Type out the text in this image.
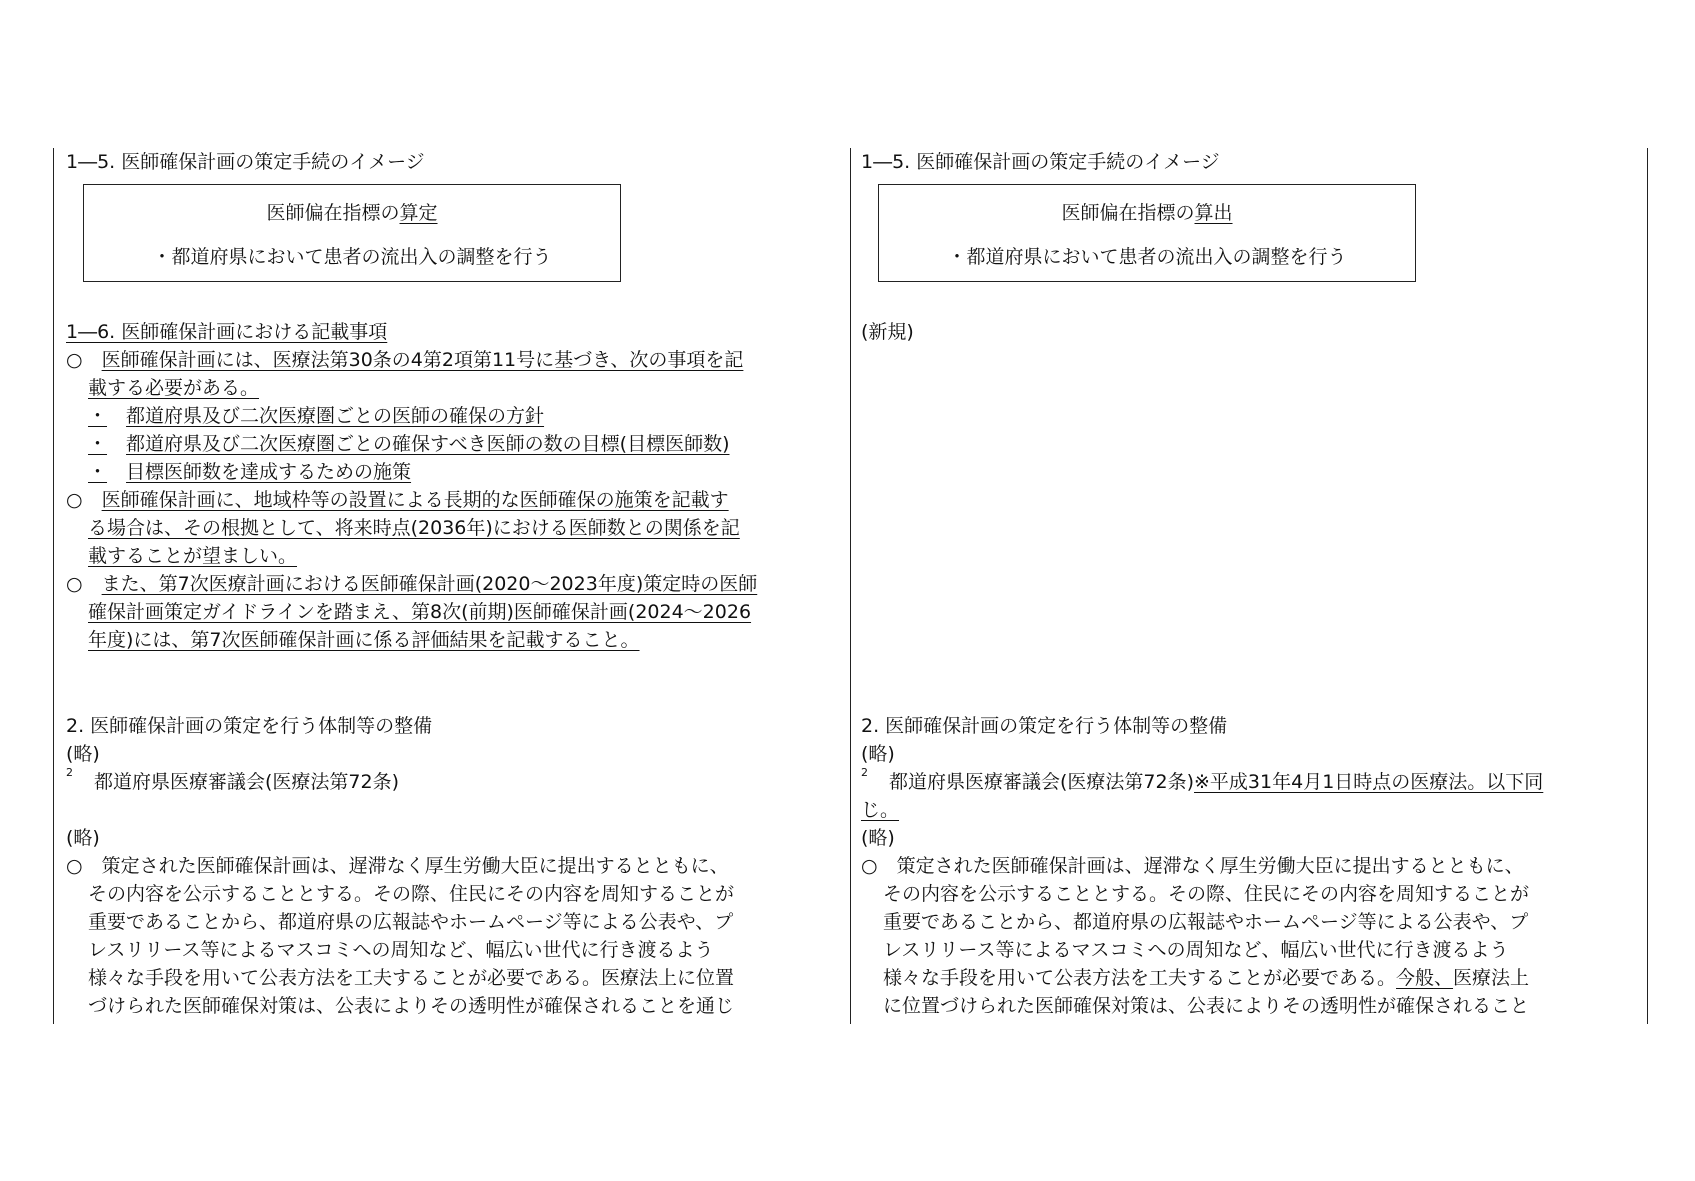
1―5. 医師確保計画の策定手続のイメージ
医師偏在指標の算定
・都道府県において患者の流出入の調整を行う
1―6. 医師確保計画における記載事項
○　 医師確保計画には、医療法第30条の4第2項第11号に基づき、次の事項を記
載する必要がある。
・　 都道府県及び二次医療圏ごとの医師の確保の方針
・　 都道府県及び二次医療圏ごとの確保すべき医師の数の目標(目標医師数)
・　 目標医師数を達成するための施策
○　 医師確保計画に、地域枠等の設置による長期的な医師確保の施策を記載す
る場合は、その根拠として、将来時点(2036年)における医師数との関係を記
載することが望ましい。
○　 また、第7次医療計画における医師確保計画(2020～2023年度)策定時の医師
確保計画策定ガイドラインを踏まえ、第8次(前期)医師確保計画(2024～2026
年度)には、第7次医師確保計画に係る評価結果を記載すること。
2. 医師確保計画の策定を行う体制等の整備
(略)
2 都道府県医療審議会(医療法第72条)
(略)
○　 策定された医師確保計画は、遅滞なく厚生労働大臣に提出するとともに、
その内容を公示することとする。その際、住民にその内容を周知することが
重要であることから、都道府県の広報誌やホームページ等による公表や、プ
レスリリース等によるマスコミへの周知など、幅広い世代に行き渡るよう
様々な手段を用いて公表方法を工夫することが必要である。医療法上に位置
づけられた医師確保対策は、公表によりその透明性が確保されることを通じ
1―5. 医師確保計画の策定手続のイメージ
医師偏在指標の算出
・都道府県において患者の流出入の調整を行う
(新規)
2. 医師確保計画の策定を行う体制等の整備
(略)
2 都道府県医療審議会(医療法第72条)※平成31年4月1日時点の医療法。以下同
じ。
(略)
○　 策定された医師確保計画は、遅滞なく厚生労働大臣に提出するとともに、
その内容を公示することとする。その際、住民にその内容を周知することが
重要であることから、都道府県の広報誌やホームページ等による公表や、プ
レスリリース等によるマスコミへの周知など、幅広い世代に行き渡るよう
様々な手段を用いて公表方法を工夫することが必要である。今般、医療法上
に位置づけられた医師確保対策は、公表によりその透明性が確保されること
